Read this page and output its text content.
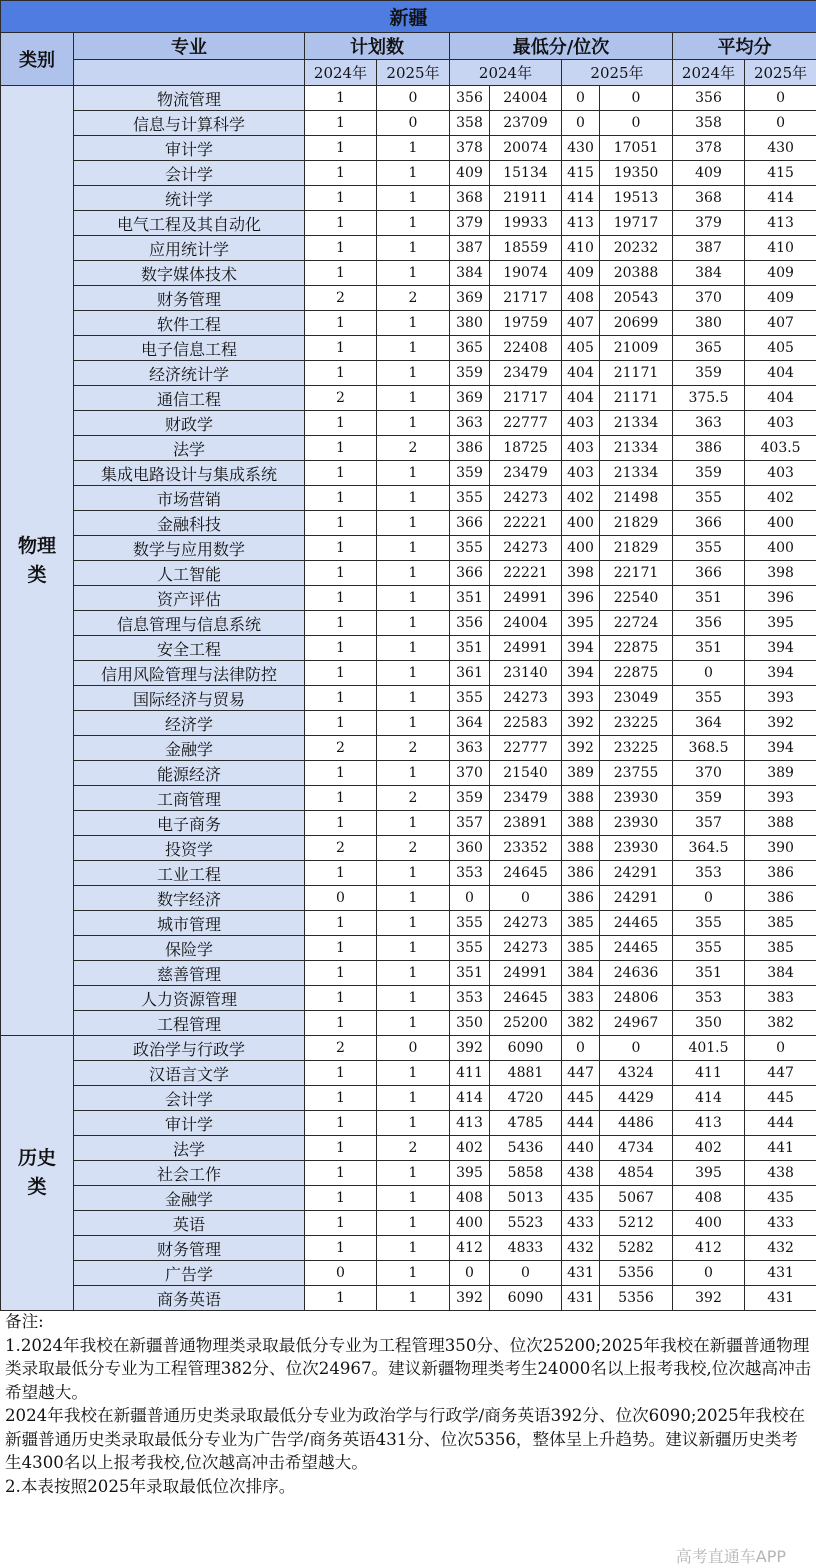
新疆									
类别	专业	计划数		最低分/位次				平均分	
		2024年	2025年	2024年		2025年		2024年	2025年
物理
类	物流管理	1	0	356	24004	0	0	356	0
	信息与计算科学	1	0	358	23709	0	0	358	0
	审计学	1	1	378	20074	430	17051	378	430
	会计学	1	1	409	15134	415	19350	409	415
	统计学	1	1	368	21911	414	19513	368	414
	电气工程及其自动化	1	1	379	19933	413	19717	379	413
	应用统计学	1	1	387	18559	410	20232	387	410
	数字媒体技术	1	1	384	19074	409	20388	384	409
	财务管理	2	2	369	21717	408	20543	370	409
	软件工程	1	1	380	19759	407	20699	380	407
	电子信息工程	1	1	365	22408	405	21009	365	405
	经济统计学	1	1	359	23479	404	21171	359	404
	通信工程	2	1	369	21717	404	21171	375.5	404
	财政学	1	1	363	22777	403	21334	363	403
	法学	1	2	386	18725	403	21334	386	403.5
	集成电路设计与集成系统	1	1	359	23479	403	21334	359	403
	市场营销	1	1	355	24273	402	21498	355	402
	金融科技	1	1	366	22221	400	21829	366	400
	数学与应用数学	1	1	355	24273	400	21829	355	400
	人工智能	1	1	366	22221	398	22171	366	398
	资产评估	1	1	351	24991	396	22540	351	396
	信息管理与信息系统	1	1	356	24004	395	22724	356	395
	安全工程	1	1	351	24991	394	22875	351	394
	信用风险管理与法律防控	1	1	361	23140	394	22875	0	394
	国际经济与贸易	1	1	355	24273	393	23049	355	393
	经济学	1	1	364	22583	392	23225	364	392
	金融学	2	2	363	22777	392	23225	368.5	394
	能源经济	1	1	370	21540	389	23755	370	389
	工商管理	1	2	359	23479	388	23930	359	393
	电子商务	1	1	357	23891	388	23930	357	388
	投资学	2	2	360	23352	388	23930	364.5	390
	工业工程	1	1	353	24645	386	24291	353	386
	数字经济	0	1	0	0	386	24291	0	386
	城市管理	1	1	355	24273	385	24465	355	385
	保险学	1	1	355	24273	385	24465	355	385
	慈善管理	1	1	351	24991	384	24636	351	384
	人力资源管理	1	1	353	24645	383	24806	353	383
	工程管理	1	1	350	25200	382	24967	350	382
历史
类	政治学与行政学	2	0	392	6090	0	0	401.5	0
	汉语言文学	1	1	411	4881	447	4324	411	447
	会计学	1	1	414	4720	445	4429	414	445
	审计学	1	1	413	4785	444	4486	413	444
	法学	1	2	402	5436	440	4734	402	441
	社会工作	1	1	395	5858	438	4854	395	438
	金融学	1	1	408	5013	435	5067	408	435
	英语	1	1	400	5523	433	5212	400	433
	财务管理	1	1	412	4833	432	5282	412	432
	广告学	0	1	0	0	431	5356	0	431
	商务英语	1	1	392	6090	431	5356	392	431
备注:
1.2024年我校在新疆普通物理类录取最低分专业为工程管理350分、位次25200;2025年我校在新疆普通物理类录取最低分专业为工程管理382分、位次24967。建议新疆物理类考生24000名以上报考我校,位次越高冲击希望越大。
2024年我校在新疆普通历史类录取最低分专业为政治学与行政学/商务英语392分、位次6090;2025年我校在新疆普通历史类录取最低分专业为广告学/商务英语431分、位次5356，整体呈上升趋势。建议新疆历史类考生4300名以上报考我校,位次越高冲击希望越大。
2.本表按照2025年录取最低位次排序。
高考直通车APP
